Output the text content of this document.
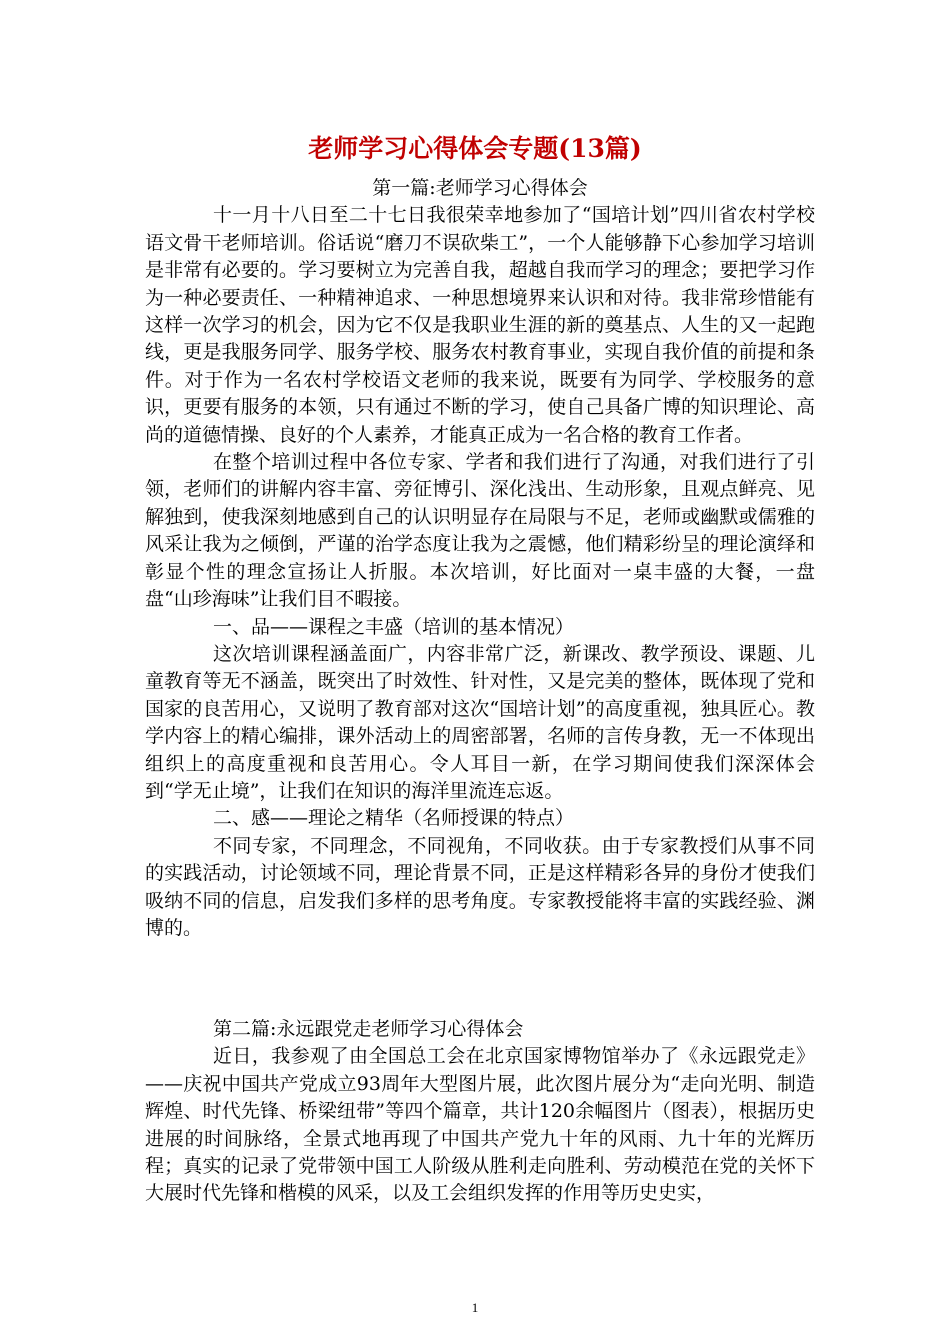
老师学习心得体会专题(13篇)
第一篇:老师学习心得体会

十一月十八日至二十七日我很荣幸地参加了“国培计划”四川省农村学校语文骨干老师培训。俗话说“磨刀不误砍柴工”，一个人能够静下心参加学习培训是非常有必要的。学习要树立为完善自我，超越自我而学习的理念；要把学习作为一种必要责任、一种精神追求、一种思想境界来认识和对待。我非常珍惜能有这样一次学习的机会，因为它不仅是我职业生涯的新的奠基点、人生的又一起跑线，更是我服务同学、服务学校、服务农村教育事业，实现自我价值的前提和条件。对于作为一名农村学校语文老师的我来说，既要有为同学、学校服务的意识，更要有服务的本领，只有通过不断的学习，使自己具备广博的知识理论、高尚的道德情操、良好的个人素养，才能真正成为一名合格的教育工作者。

在整个培训过程中各位专家、学者和我们进行了沟通，对我们进行了引领，老师们的讲解内容丰富、旁征博引、深化浅出、生动形象，且观点鲜亮、见解独到，使我深刻地感到自己的认识明显存在局限与不足，老师或幽默或儒雅的风采让我为之倾倒，严谨的治学态度让我为之震憾，他们精彩纷呈的理论演绎和彰显个性的理念宣扬让人折服。本次培训，好比面对一桌丰盛的大餐，一盘盘“山珍海味”让我们目不暇接。

一、品——课程之丰盛（培训的基本情况）

这次培训课程涵盖面广，内容非常广泛，新课改、教学预设、课题、儿童教育等无不涵盖，既突出了时效性、针对性，又是完美的整体，既体现了党和国家的良苦用心，又说明了教育部对这次“国培计划”的高度重视，独具匠心。教学内容上的精心编排，课外活动上的周密部署，名师的言传身教，无一不体现出组织上的高度重视和良苦用心。令人耳目一新，在学习期间使我们深深体会到“学无止境”，让我们在知识的海洋里流连忘返。

二、感——理论之精华（名师授课的特点）

不同专家，不同理念，不同视角，不同收获。由于专家教授们从事不同的实践活动，讨论领域不同，理论背景不同，正是这样精彩各异的身份才使我们吸纳不同的信息，启发我们多样的思考角度。专家教授能将丰富的实践经验、渊博的。

第二篇:永远跟党走老师学习心得体会

近日，我参观了由全国总工会在北京国家博物馆举办了《永远跟党走》——庆祝中国共产党成立93周年大型图片展，此次图片展分为“走向光明、制造辉煌、时代先锋、桥梁纽带”等四个篇章，共计120余幅图片（图表），根据历史进展的时间脉络，全景式地再现了中国共产党九十年的风雨、九十年的光辉历程；真实的记录了党带领中国工人阶级从胜利走向胜利、劳动模范在党的关怀下大展时代先锋和楷模的风采，以及工会组织发挥的作用等历史史实，

1
